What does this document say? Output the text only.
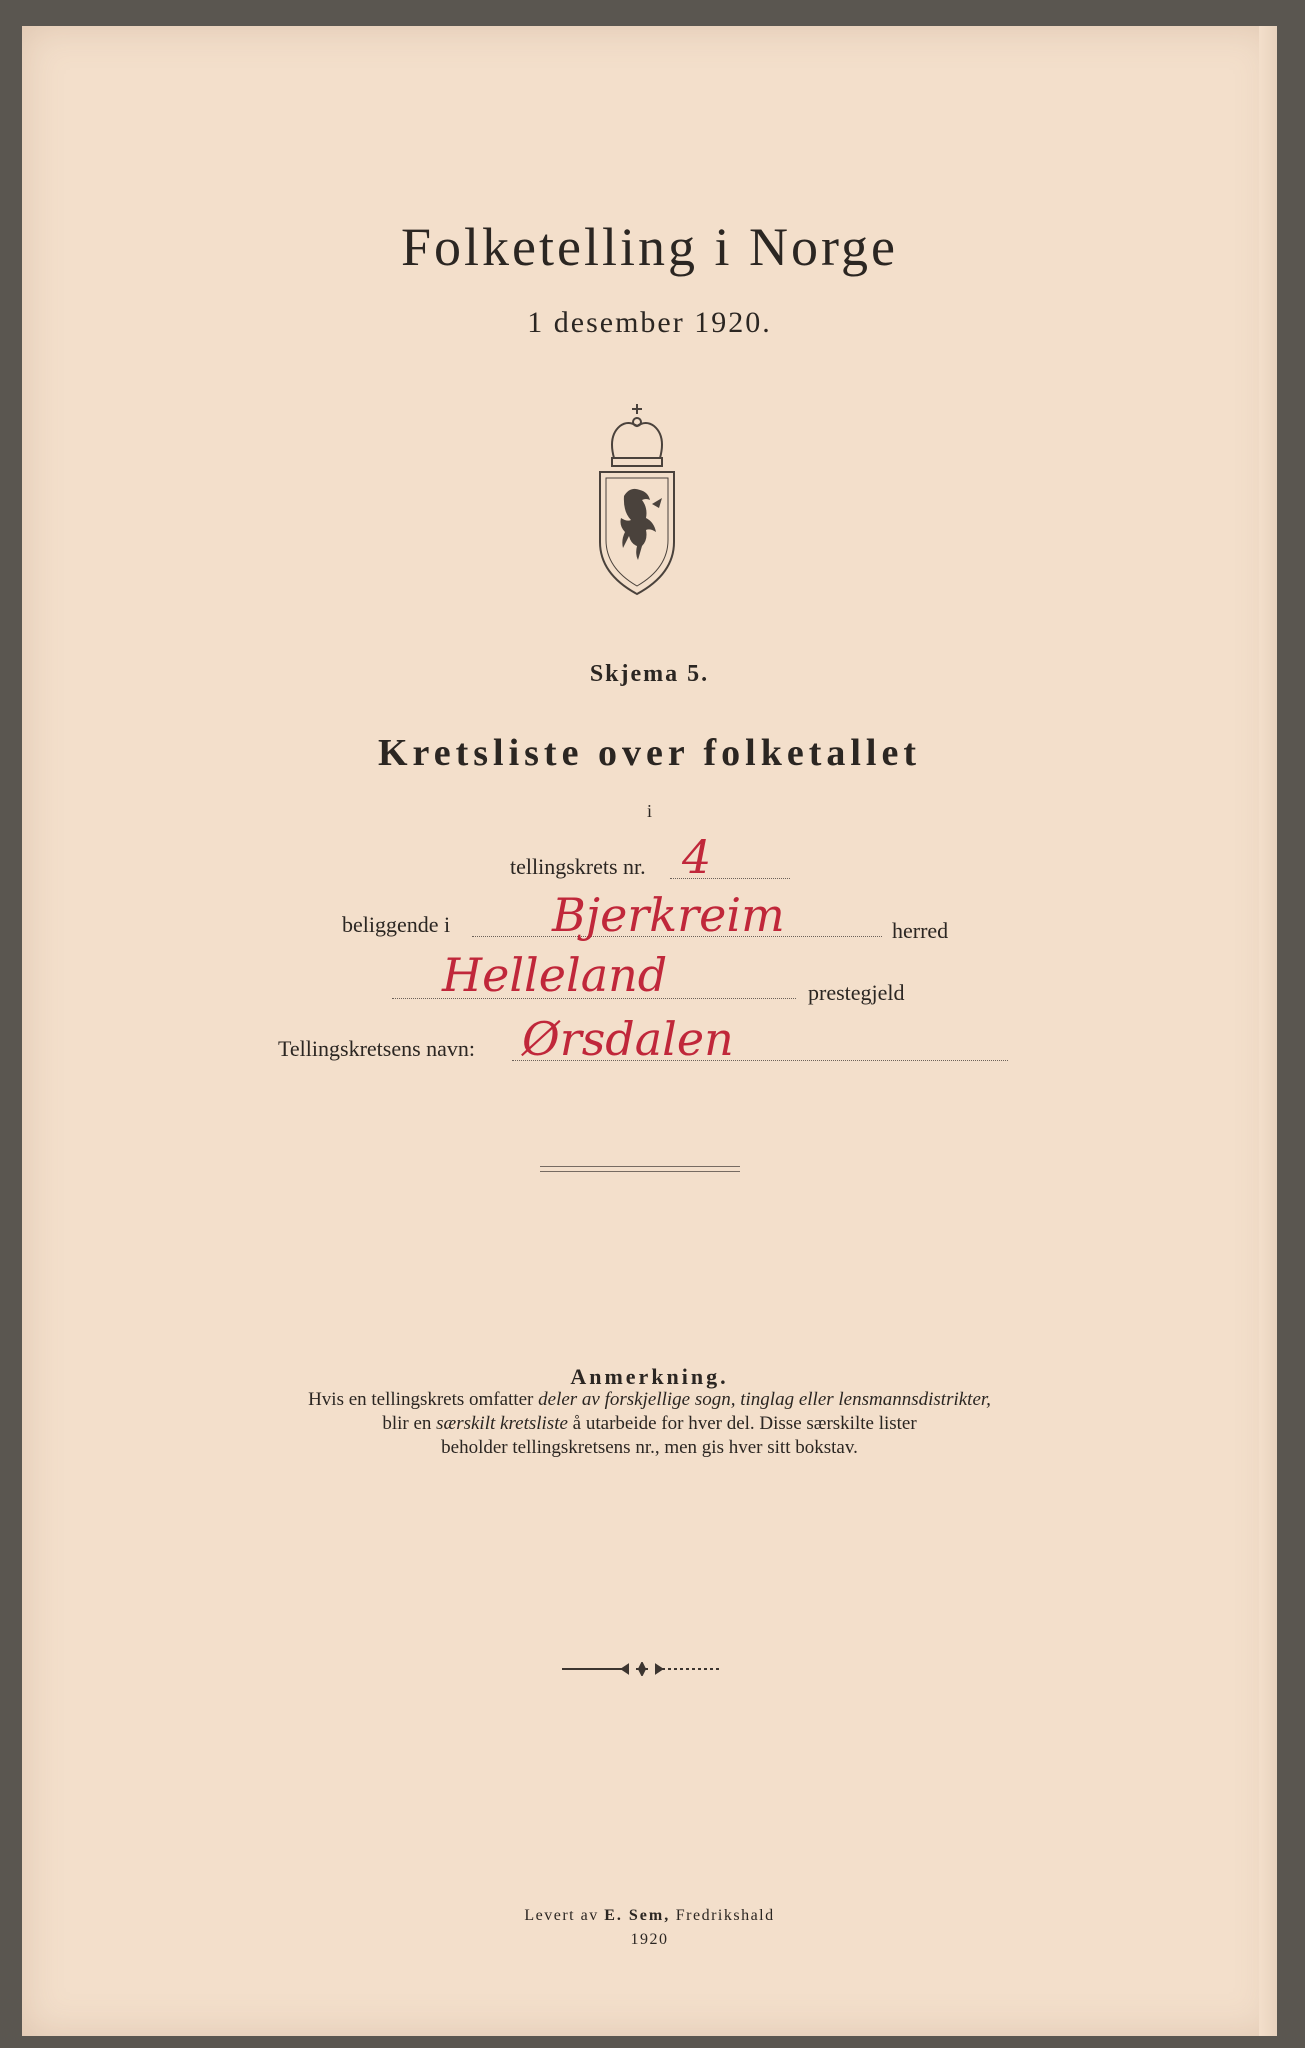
Folketelling i Norge
1 desember 1920.
Skjema 5.
Kretsliste over folketallet
i
tellingskrets nr. 4
beliggende i Bjerkreim	herred
Helleland	prestegjeld
Tellingskretsens navn: Ørsdalen
Anmerkning.
Hvis en tellingskrets omfatter deler av forskjellige sogn, tinglag eller lensmannsdistrikter,
blir en særskilt kretsliste å utarbeide for hver del. Disse særskilte lister
beholder tellingskretsens nr., men gis hver sitt bokstav.
Levert av E. Sem, Fredrikshald
1920
